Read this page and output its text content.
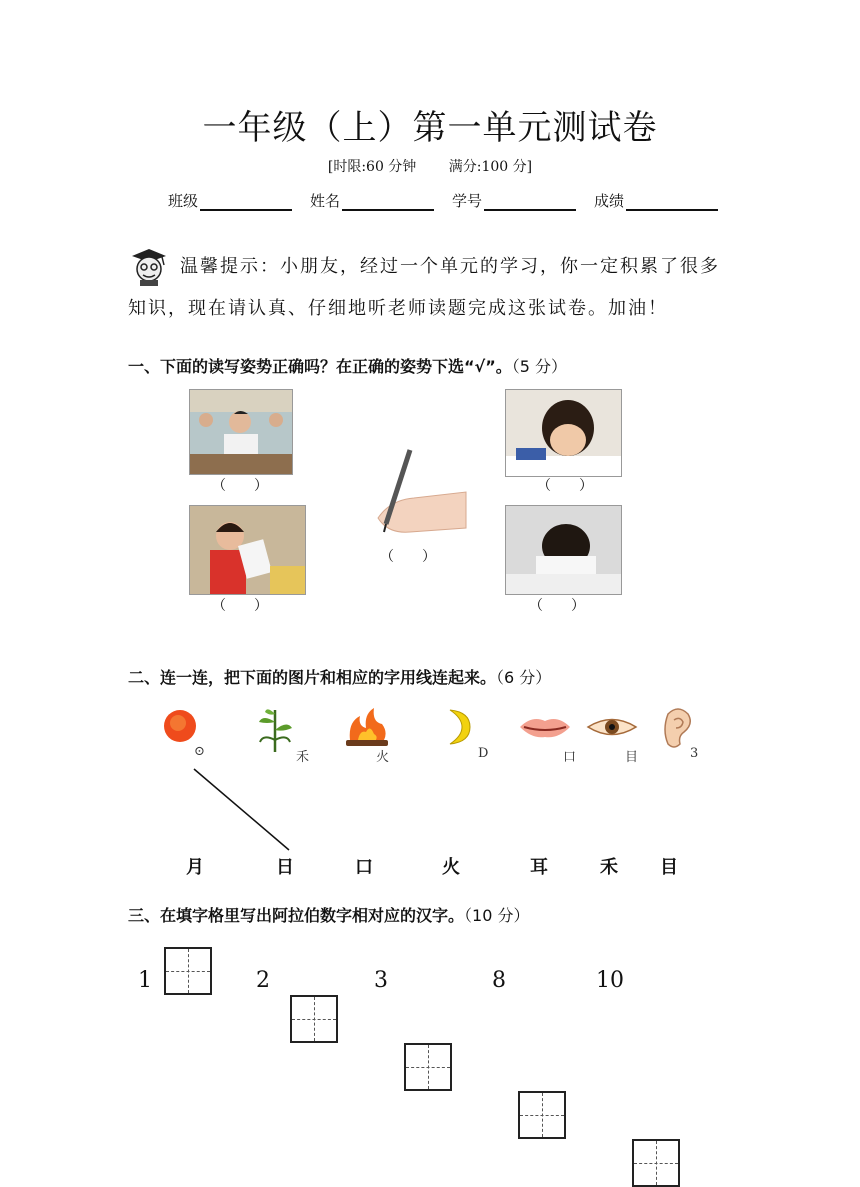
一年级（上）第一单元测试卷
[时限:60 分钟 满分:100 分]
班级	姓名	学号	成绩
温馨提示：小朋友，经过一个单元的学习，你一定积累了很多知识，现在请认真、仔细地听老师读题完成这张试卷。加油！
一、下面的读写姿势正确吗？在正确的姿势下选“√”。（5 分）
（　　）	（　　）
（　　）
（　　）	（　　）
二、连一连，把下面的图片和相应的字用线连起来。（6 分）
⊙	禾	火	D	口	目	3
月	日	口	火	耳	禾 目
三、在填字格里写出阿拉伯数字相对应的汉字。（10 分）
1	2	3	8	10
